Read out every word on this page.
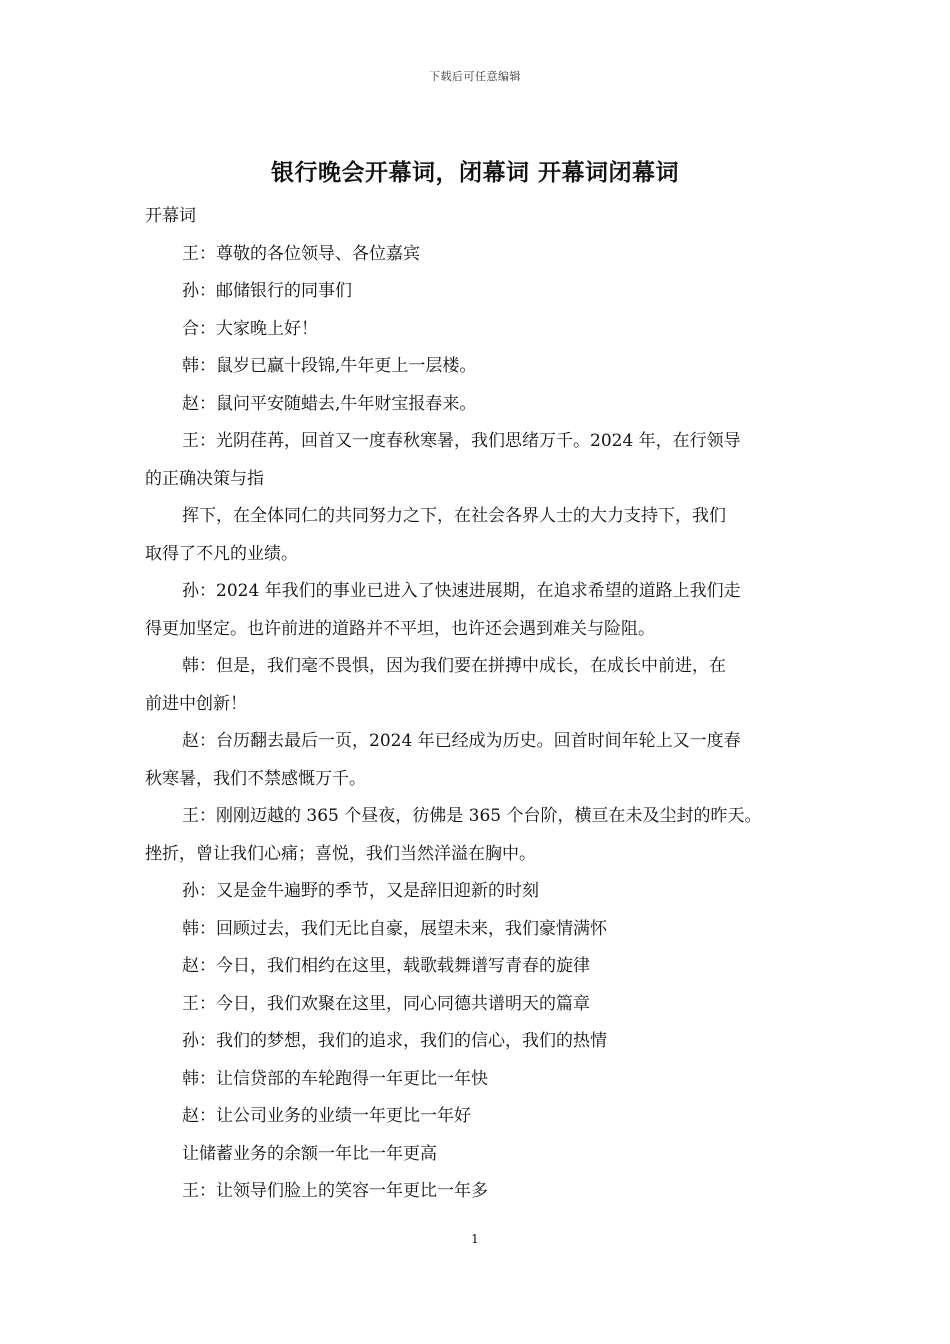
下载后可任意编辑
银行晚会开幕词，闭幕词 开幕词闭幕词
开幕词
王：尊敬的各位领导、各位嘉宾
孙：邮储银行的同事们
合：大家晚上好！
韩：鼠岁已赢十段锦,牛年更上一层楼。
赵：鼠问平安随蜡去,牛年财宝报春来。
王：光阴荏苒，回首又一度春秋寒暑，我们思绪万千。2024 年，在行领导
的正确决策与指
挥下，在全体同仁的共同努力之下，在社会各界人士的大力支持下，我们
取得了不凡的业绩。
孙：2024 年我们的事业已进入了快速进展期，在追求希望的道路上我们走
得更加坚定。也许前进的道路并不平坦，也许还会遇到难关与险阻。
韩：但是，我们毫不畏惧，因为我们要在拼搏中成长，在成长中前进，在
前进中创新！
赵：台历翻去最后一页，2024 年已经成为历史。回首时间年轮上又一度春
秋寒暑，我们不禁感慨万千。
王：刚刚迈越的 365 个昼夜，彷佛是 365 个台阶，横亘在未及尘封的昨天。
挫折，曾让我们心痛；喜悦，我们当然洋溢在胸中。
孙：又是金牛遍野的季节，又是辞旧迎新的时刻
韩：回顾过去，我们无比自豪，展望未来，我们豪情满怀
赵：今日，我们相约在这里，载歌载舞谱写青春的旋律
王：今日，我们欢聚在这里，同心同德共谱明天的篇章
孙：我们的梦想，我们的追求，我们的信心，我们的热情
韩：让信贷部的车轮跑得一年更比一年快
赵：让公司业务的业绩一年更比一年好
让储蓄业务的余额一年比一年更高
王：让领导们脸上的笑容一年更比一年多
1
